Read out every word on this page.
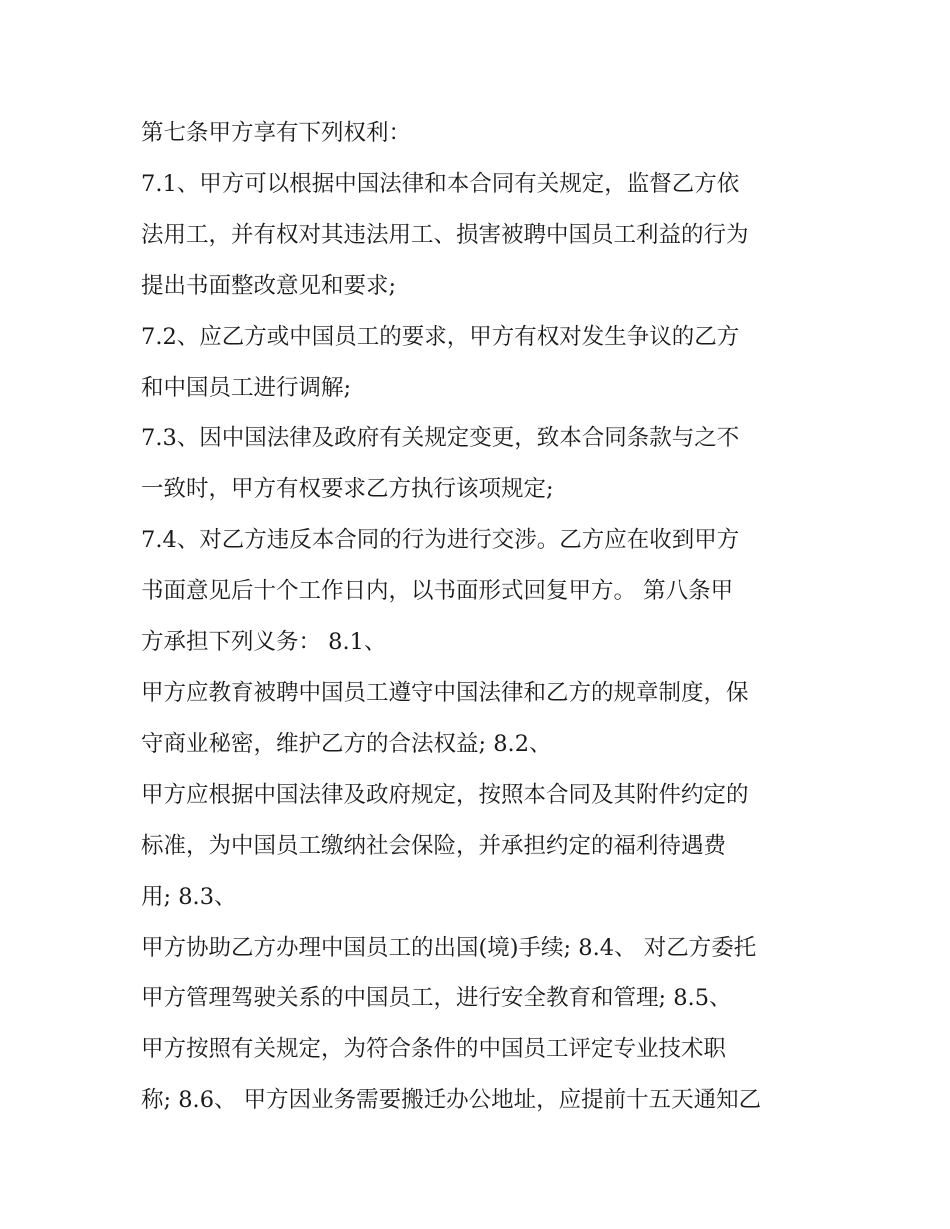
第七条甲方享有下列权利：
7.1、甲方可以根据中国法律和本合同有关规定，监督乙方依
法用工，并有权对其违法用工、损害被聘中国员工利益的行为
提出书面整改意见和要求;
7.2、应乙方或中国员工的要求，甲方有权对发生争议的乙方
和中国员工进行调解;
7.3、因中国法律及政府有关规定变更，致本合同条款与之不
一致时，甲方有权要求乙方执行该项规定;
7.4、对乙方违反本合同的行为进行交涉。乙方应在收到甲方
书面意见后十个工作日内，以书面形式回复甲方。 第八条甲
方承担下列义务： 8.1、
甲方应教育被聘中国员工遵守中国法律和乙方的规章制度，保
守商业秘密，维护乙方的合法权益; 8.2、
甲方应根据中国法律及政府规定，按照本合同及其附件约定的
标准，为中国员工缴纳社会保险，并承担约定的福利待遇费
用; 8.3、
甲方协助乙方办理中国员工的出国(境)手续; 8.4、 对乙方委托
甲方管理驾驶关系的中国员工，进行安全教育和管理; 8.5、
甲方按照有关规定，为符合条件的中国员工评定专业技术职
称; 8.6、 甲方因业务需要搬迁办公地址，应提前十五天通知乙
